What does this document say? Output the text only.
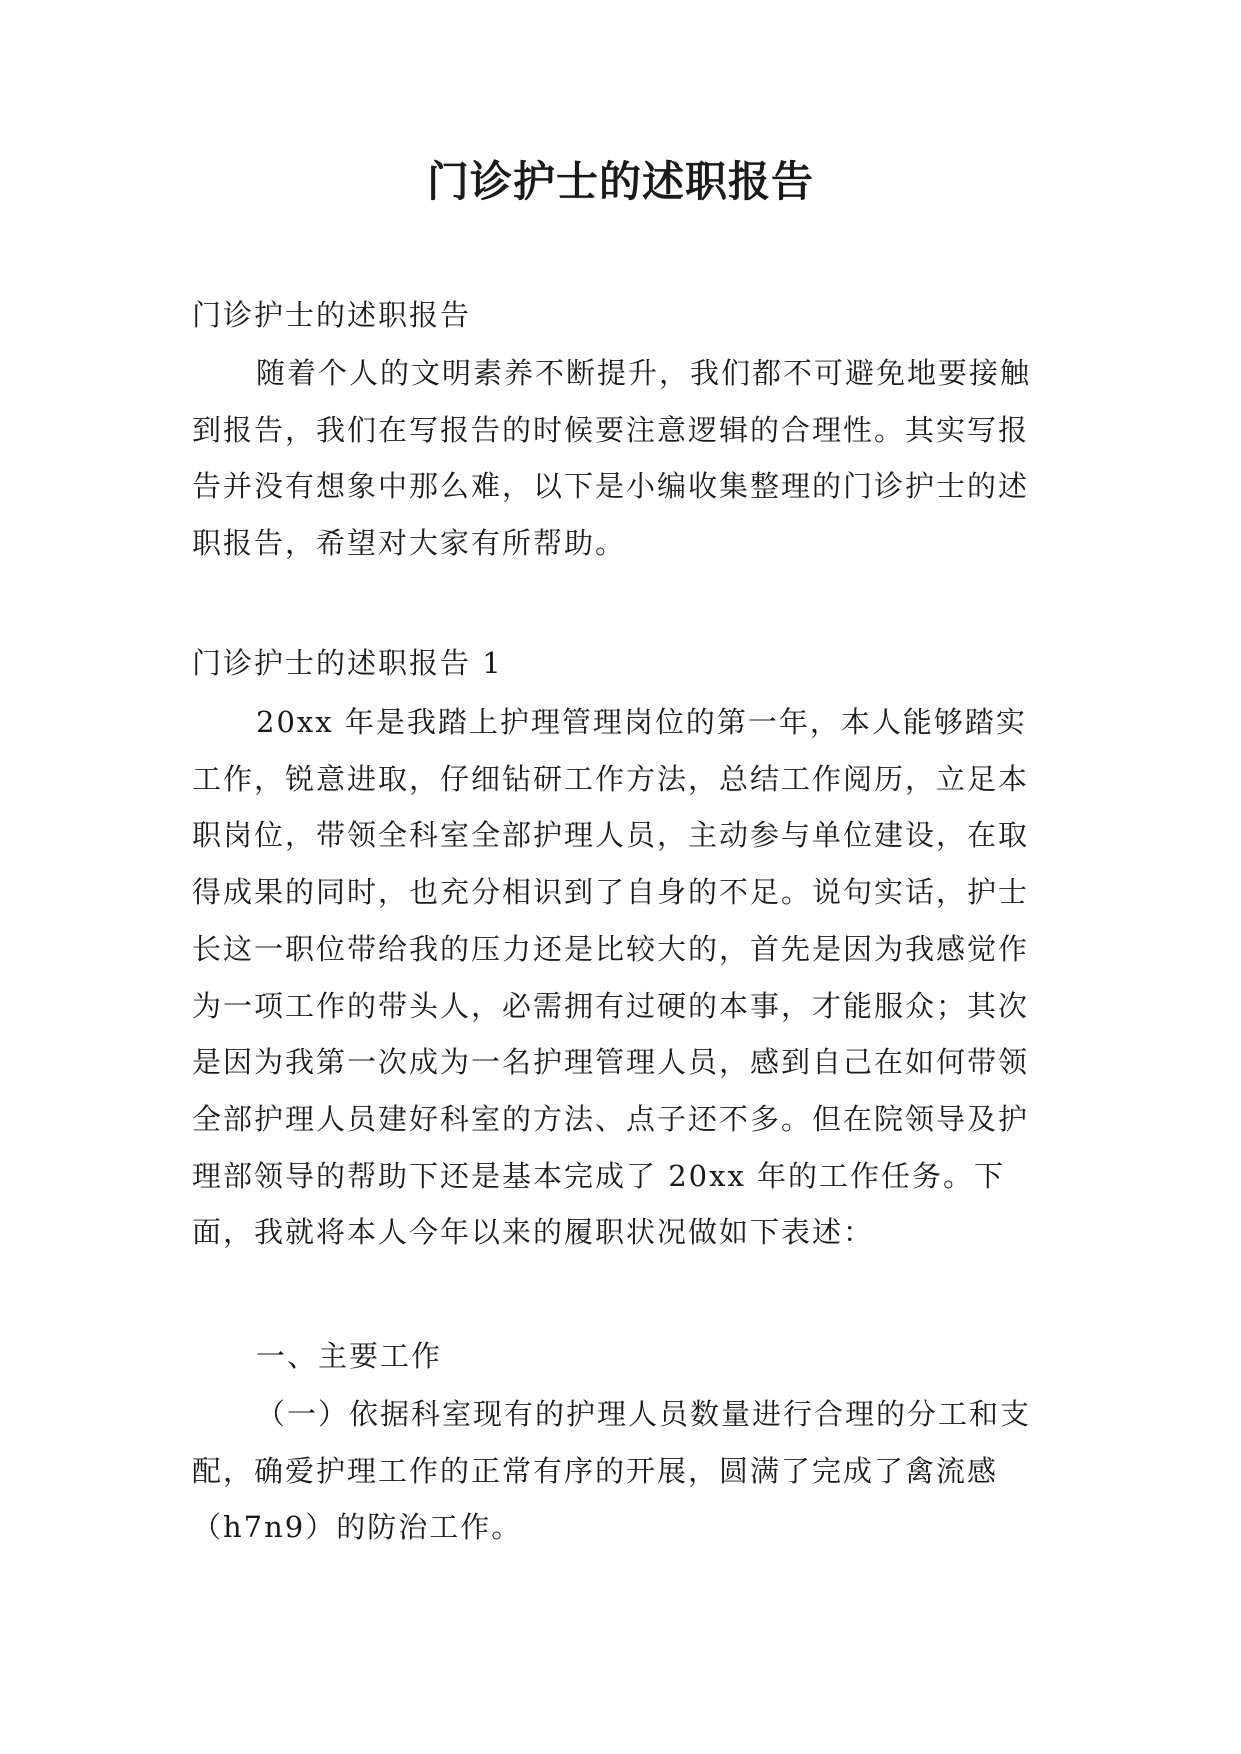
门诊护士的述职报告

门诊护士的述职报告

随着个人的文明素养不断提升，我们都不可避免地要接触到报告，我们在写报告的时候要注意逻辑的合理性。其实写报告并没有想象中那么难，以下是小编收集整理的门诊护士的述职报告，希望对大家有所帮助。

门诊护士的述职报告 1

20xx 年是我踏上护理管理岗位的第一年，本人能够踏实工作，锐意进取，仔细钻研工作方法，总结工作阅历，立足本职岗位，带领全科室全部护理人员，主动参与单位建设，在取得成果的同时，也充分相识到了自身的不足。说句实话，护士长这一职位带给我的压力还是比较大的，首先是因为我感觉作为一项工作的带头人，必需拥有过硬的本事，才能服众；其次是因为我第一次成为一名护理管理人员，感到自己在如何带领全部护理人员建好科室的方法、点子还不多。但在院领导及护理部领导的帮助下还是基本完成了 20xx 年的工作任务。下面，我就将本人今年以来的履职状况做如下表述：

一、主要工作

（一）依据科室现有的护理人员数量进行合理的分工和支配，确爱护理工作的正常有序的开展，圆满了完成了禽流感（h7n9）的防治工作。
